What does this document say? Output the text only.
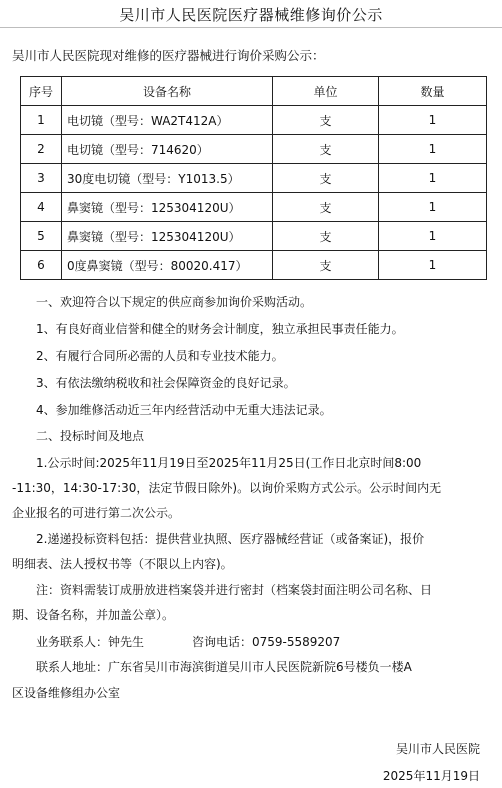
吴川市人民医院医疗器械维修询价公示
吴川市人民医院现对维修的医疗器械进行询价采购公示：
序号	设备名称	单位	数量
1	电切镜（型号：WA2T412A）	支	1
2	电切镜（型号：714620）	支	1
3	30度电切镜（型号：Y1013.5）	支	1
4	鼻窦镜（型号：125304120U）	支	1
5	鼻窦镜（型号：125304120U）	支	1
6	0度鼻窦镜（型号：80020.417）	支	1
一、欢迎符合以下规定的供应商参加询价采购活动。
1、有良好商业信誉和健全的财务会计制度，独立承担民事责任能力。
2、有履行合同所必需的人员和专业技术能力。
3、有依法缴纳税收和社会保障资金的良好记录。
4、参加维修活动近三年内经营活动中无重大违法记录。
二、投标时间及地点
1.公示时间:2025年11月19日至2025年11月25日(工作日北京时间8:00
-11:30，14:30-17:30，法定节假日除外)。以询价采购方式公示。公示时间内无
企业报名的可进行第二次公示。
2.递递投标资料包括：提供营业执照、医疗器械经营证（或备案证)，报价
明细表、法人授权书等（不限以上内容)。
注：资料需装订成册放进档案袋并进行密封（档案袋封面注明公司名称、日
期、设备名称，并加盖公章）。
业务联系人：钟先生	咨询电话：0759-5589207
联系人地址：广东省吴川市海滨街道吴川市人民医院新院6号楼负一楼A
区设备维修组办公室
吴川市人民医院
2025年11月19日
